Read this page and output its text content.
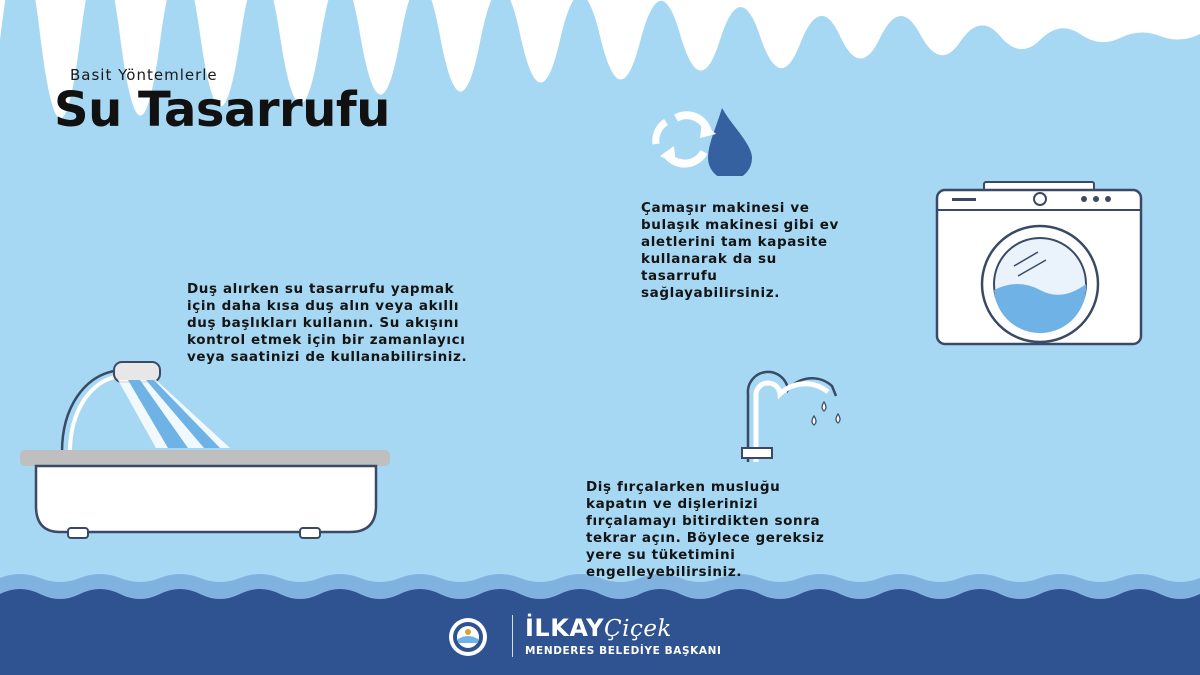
Basit Yöntemlerle
Su Tasarrufu
Çamaşır makinesi ve
bulaşık makinesi gibi ev
aletlerini tam kapasite
kullanarak da su
tasarrufu
sağlayabilirsiniz.
Duş alırken su tasarrufu yapmak
için daha kısa duş alın veya akıllı
duş başlıkları kullanın. Su akışını
kontrol etmek için bir zamanlayıcı
veya saatinizi de kullanabilirsiniz.
Diş fırçalarken musluğu
kapatın ve dişlerinizi
fırçalamayı bitirdikten sonra
tekrar açın. Böylece gereksiz
yere su tüketimini
engelleyebilirsiniz.
İLKAYÇiçek
MENDERES BELEDİYE BAŞKANI
